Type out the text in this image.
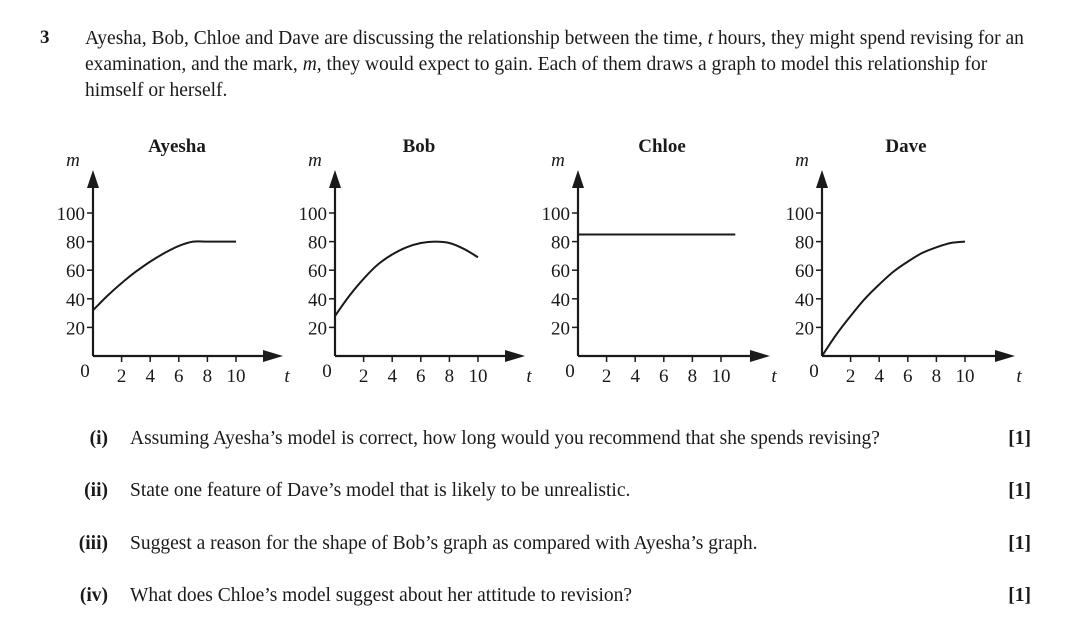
3 Ayesha, Bob, Chloe and Dave are discussing the relationship between the time, t hours, they might spend revising for an examination, and the mark, m, they would expect to gain. Each of them draws a graph to model this relationship for himself or herself.
Ayesha
m
20
40
60
80
100
2 4 6 8 10
0	t
Bob
m
20
40
60
80
100
2 4 6 8 10
0	t
Chloe
m
20
40
60
80
100
2 4 6 8 10
0	t
Dave
m
20
40
60
80
100
2 4 6 8 10
0	t
(i) Assuming Ayesha’s model is correct, how long would you recommend that she spends revising?	[1]
(ii) State one feature of Dave’s model that is likely to be unrealistic.	[1]
(iii) Suggest a reason for the shape of Bob’s graph as compared with Ayesha’s graph.	[1]
(iv) What does Chloe’s model suggest about her attitude to revision?	[1]
